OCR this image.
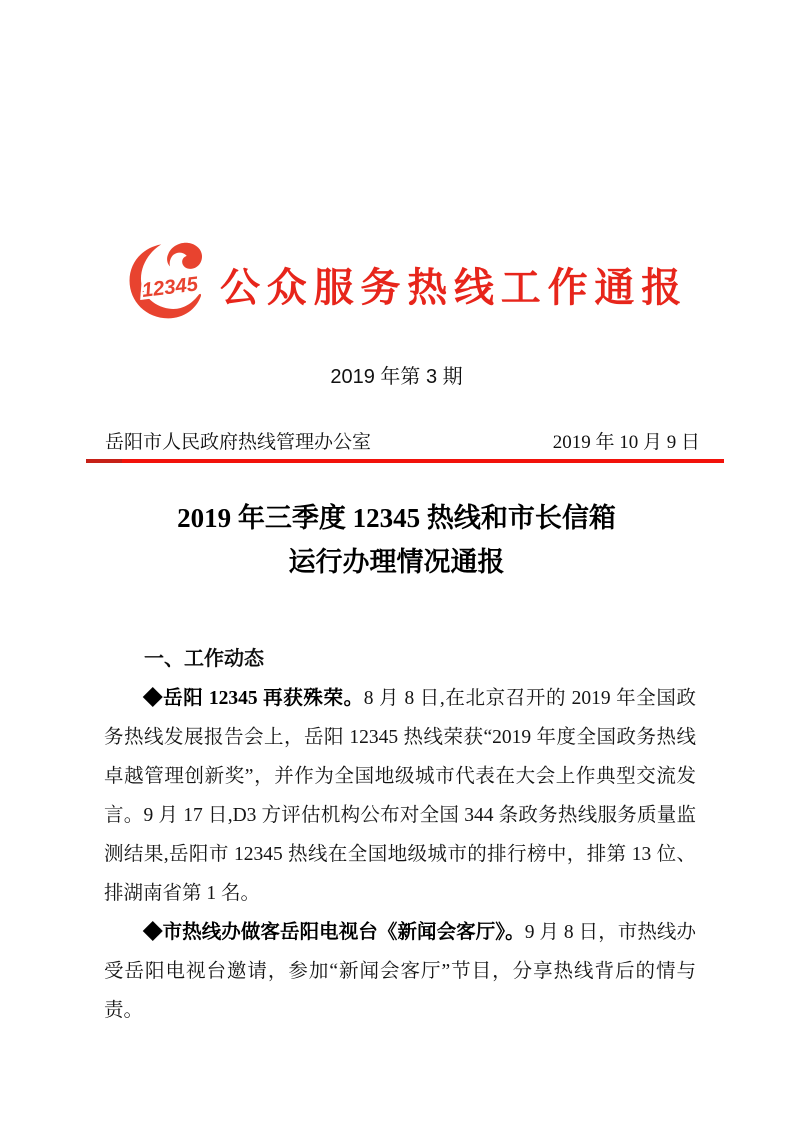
12345 公众服务热线工作通报
2019 年第 3 期
岳阳市人民政府热线管理办公室	2019 年 10 月 9 日
2019 年三季度 12345 热线和市长信箱
运行办理情况通报
一、工作动态

◆岳阳 12345 再获殊荣。8 月 8 日,在北京召开的 2019 年全国政务热线发展报告会上，岳阳 12345 热线荣获“2019 年度全国政务热线卓越管理创新奖”，并作为全国地级城市代表在大会上作典型交流发言。9 月 17 日,D3 方评估机构公布对全国 344 条政务热线服务质量监测结果,岳阳市 12345 热线在全国地级城市的排行榜中，排第 13 位、排湖南省第 1 名。

◆市热线办做客岳阳电视台《新闻会客厅》。9 月 8 日，市热线办受岳阳电视台邀请，参加“新闻会客厅”节目，分享热线背后的情与责。
